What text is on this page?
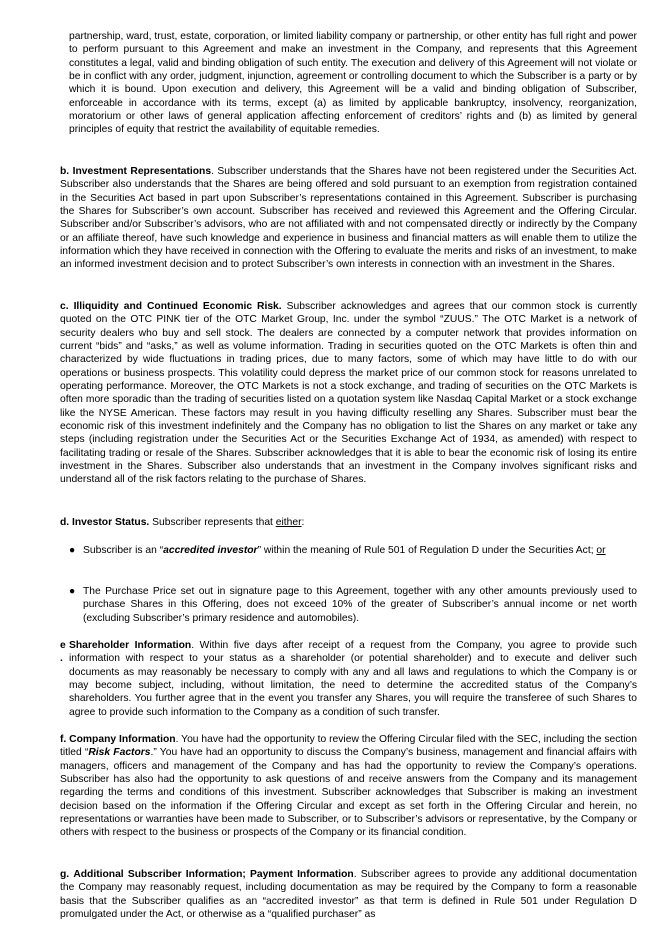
partnership, ward, trust, estate, corporation, or limited liability company or partnership, or other entity has full right and power to perform pursuant to this Agreement and make an investment in the Company, and represents that this Agreement constitutes a legal, valid and binding obligation of such entity. The execution and delivery of this Agreement will not violate or be in conflict with any order, judgment, injunction, agreement or controlling document to which the Subscriber is a party or by which it is bound. Upon execution and delivery, this Agreement will be a valid and binding obligation of Subscriber, enforceable in accordance with its terms, except (a) as limited by applicable bankruptcy, insolvency, reorganization, moratorium or other laws of general application affecting enforcement of creditors’ rights and (b) as limited by general principles of equity that restrict the availability of equitable remedies.

b. Investment Representations. Subscriber understands that the Shares have not been registered under the Securities Act. Subscriber also understands that the Shares are being offered and sold pursuant to an exemption from registration contained in the Securities Act based in part upon Subscriber’s representations contained in this Agreement. Subscriber is purchasing the Shares for Subscriber’s own account. Subscriber has received and reviewed this Agreement and the Offering Circular. Subscriber and/or Subscriber’s advisors, who are not affiliated with and not compensated directly or indirectly by the Company or an affiliate thereof, have such knowledge and experience in business and financial matters as will enable them to utilize the information which they have received in connection with the Offering to evaluate the merits and risks of an investment, to make an informed investment decision and to protect Subscriber’s own interests in connection with an investment in the Shares.

c. Illiquidity and Continued Economic Risk. Subscriber acknowledges and agrees that our common stock is currently quoted on the OTC PINK tier of the OTC Market Group, Inc. under the symbol “ZUUS.” The OTC Market is a network of security dealers who buy and sell stock. The dealers are connected by a computer network that provides information on current “bids” and “asks,” as well as volume information. Trading in securities quoted on the OTC Markets is often thin and characterized by wide fluctuations in trading prices, due to many factors, some of which may have little to do with our operations or business prospects. This volatility could depress the market price of our common stock for reasons unrelated to operating performance. Moreover, the OTC Markets is not a stock exchange, and trading of securities on the OTC Markets is often more sporadic than the trading of securities listed on a quotation system like Nasdaq Capital Market or a stock exchange like the NYSE American. These factors may result in you having difficulty reselling any Shares. Subscriber must bear the economic risk of this investment indefinitely and the Company has no obligation to list the Shares on any market or take any steps (including registration under the Securities Act or the Securities Exchange Act of 1934, as amended) with respect to facilitating trading or resale of the Shares. Subscriber acknowledges that it is able to bear the economic risk of losing its entire investment in the Shares. Subscriber also understands that an investment in the Company involves significant risks and understand all of the risk factors relating to the purchase of Shares.

d. Investor Status. Subscriber represents that either:

● Subscriber is an “accredited investor” within the meaning of Rule 501 of Regulation D under the Securities Act; or

● The Purchase Price set out in signature page to this Agreement, together with any other amounts previously used to purchase Shares in this Offering, does not exceed 10% of the greater of Subscriber’s annual income or net worth (excluding Subscriber’s primary residence and automobiles).

e
.

Shareholder Information. Within five days after receipt of a request from the Company, you agree to provide such information with respect to your status as a shareholder (or potential shareholder) and to execute and deliver such documents as may reasonably be necessary to comply with any and all laws and regulations to which the Company is or may become subject, including, without limitation, the need to determine the accredited status of the Company’s shareholders. You further agree that in the event you transfer any Shares, you will require the transferee of such Shares to agree to provide such information to the Company as a condition of such transfer.

f. Company Information. You have had the opportunity to review the Offering Circular filed with the SEC, including the section titled “Risk Factors.” You have had an opportunity to discuss the Company’s business, management and financial affairs with managers, officers and management of the Company and has had the opportunity to review the Company’s operations. Subscriber has also had the opportunity to ask questions of and receive answers from the Company and its management regarding the terms and conditions of this investment. Subscriber acknowledges that Subscriber is making an investment decision based on the information if the Offering Circular and except as set forth in the Offering Circular and herein, no representations or warranties have been made to Subscriber, or to Subscriber’s advisors or representative, by the Company or others with respect to the business or prospects of the Company or its financial condition.

g. Additional Subscriber Information; Payment Information. Subscriber agrees to provide any additional documentation the Company may reasonably request, including documentation as may be required by the Company to form a reasonable basis that the Subscriber qualifies as an “accredited investor” as that term is defined in Rule 501 under Regulation D promulgated under the Act, or otherwise as a “qualified purchaser” as
